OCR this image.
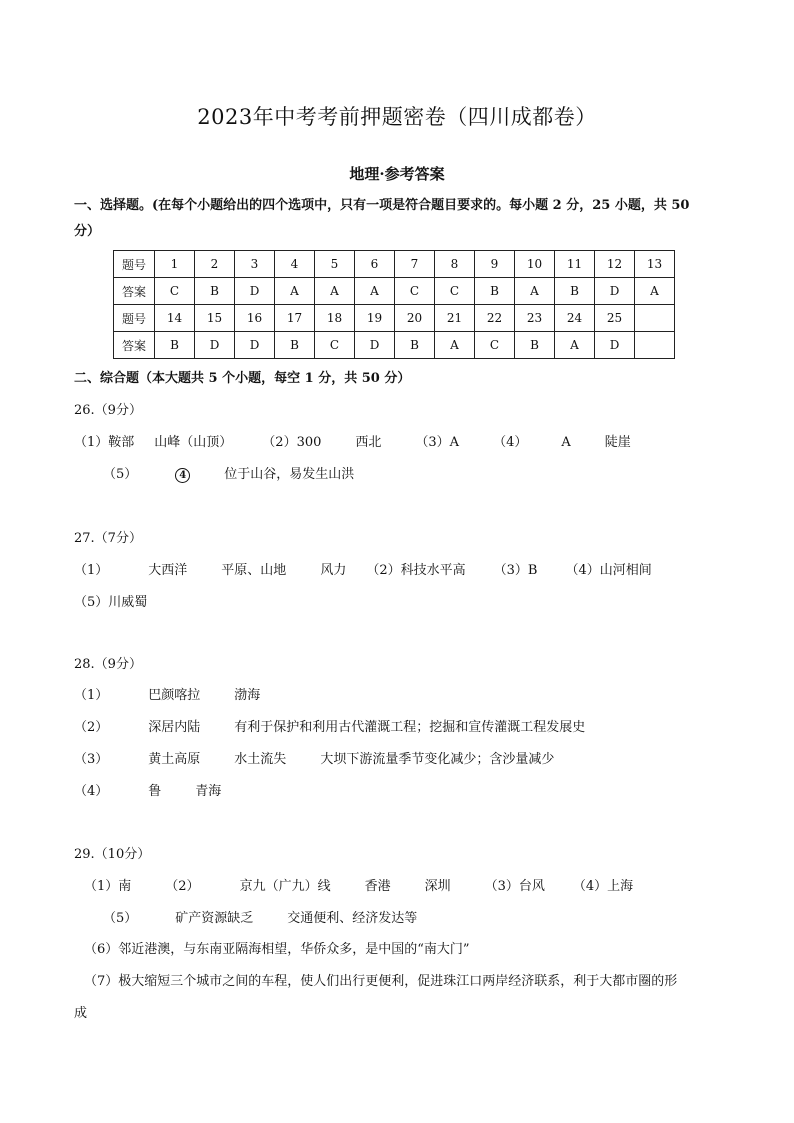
2023年中考考前押题密卷（四川成都卷）
地理·参考答案
一、选择题。(在每个小题给出的四个选项中，只有一项是符合题目要求的。每小题 2 分，25 小题，共 50
分）
题号	1	2	3	4	5	6	7	8	9	10	11	12	13
答案	C	B	D	A	A	A	C	C	B	A	B	D	A
题号	14	15	16	17	18	19	20	21	22	23	24	25	
答案	B	D	D	B	C	D	B	A	C	B	A	D	
二、综合题（本大题共 5 个小题，每空 1 分，共 50 分）
26.（9分）
（1）鞍部 山峰（山顶） （2）300	西北	（3）A	（4）	A	陡崖
（5）	4	位于山谷，易发生山洪
27.（7分）
（1）	大西洋	平原、山地	风力 （2）科技水平高 （3）B （4）山河相间
（5）川威蜀
28.（9分）
（1）	巴颜喀拉	渤海
（2）	深居内陆	有利于保护和利用古代灌溉工程；挖掘和宣传灌溉工程发展史
（3）	黄土高原	水土流失	大坝下游流量季节变化减少；含沙量减少
（4）	鲁	青海
29.（10分）
（1）南	（2）	京九（广九）线	香港	深圳	（3）台风 （4）上海
（5）	矿产资源缺乏	交通便利、经济发达等
（6）邻近港澳，与东南亚隔海相望，华侨众多，是中国的“南大门”
（7）极大缩短三个城市之间的车程，使人们出行更便利，促进珠江口两岸经济联系，利于大都市圈的形
成
